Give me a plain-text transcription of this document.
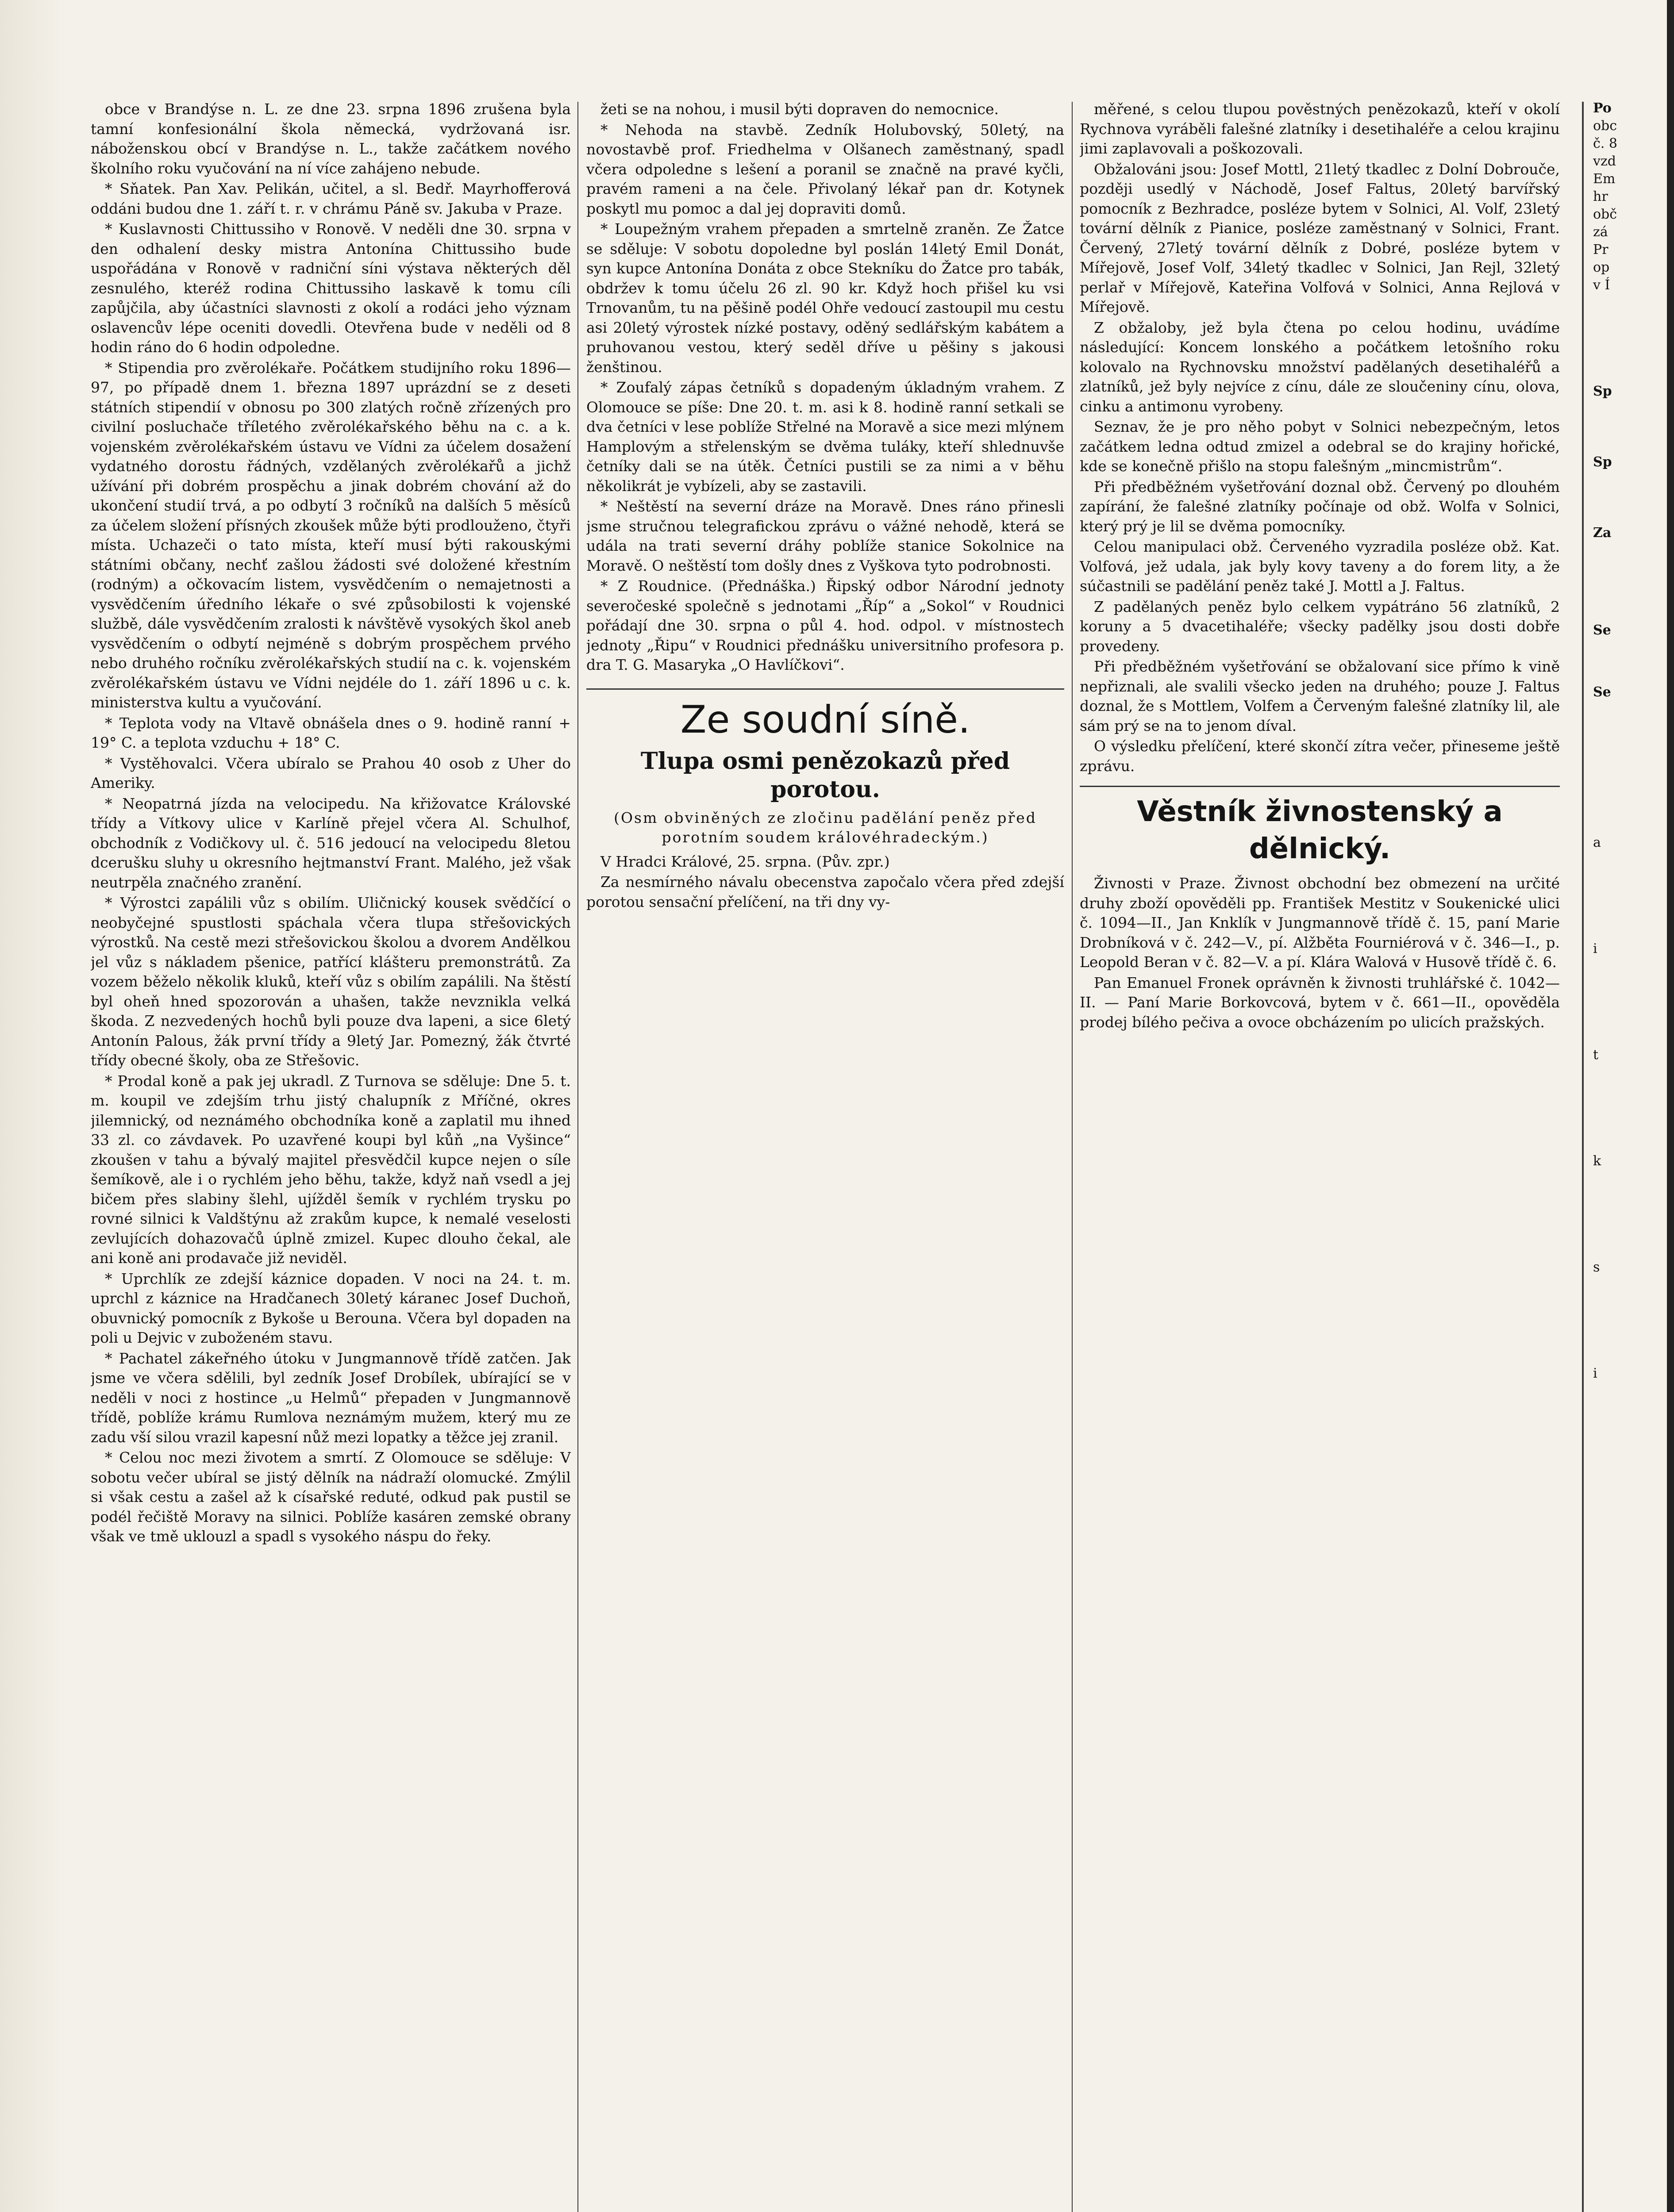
obce v Brandýse n. L. ze dne 23. srpna 1896 zrušena byla tamní konfesionální škola německá, vydržovaná isr. náboženskou obcí v Brandýse n. L., takže začátkem nového školního roku vyučování na ní více zahájeno nebude.

* Sňatek. Pan Xav. Pelikán, učitel, a sl. Bedř. Mayrhofferová oddáni budou dne 1. září t. r. v chrámu Páně sv. Jakuba v Praze.

* Kuslavnosti Chittussiho v Ronově. V neděli dne 30. srpna v den odhalení desky mistra Antonína Chittussiho bude uspořádána v Ronově v radniční síni výstava některých děl zesnulého, kteréž rodina Chittussiho laskavě k tomu cíli zapůjčila, aby účastníci slavnosti z okolí a rodáci jeho význam oslavencův lépe oceniti dovedli. Otevřena bude v neděli od 8 hodin ráno do 6 hodin odpoledne.

* Stipendia pro zvěrolékaře. Počátkem studijního roku 1896—97, po případě dnem 1. března 1897 uprázdní se z deseti státních stipendií v obnosu po 300 zlatých ročně zřízených pro civilní posluchače tříletého zvěrolékařského běhu na c. a k. vojenském zvěrolékařském ústavu ve Vídni za účelem dosažení vydatného dorostu řádných, vzdělaných zvěrolékařů a jichž užívání při dobrém prospěchu a jinak dobrém chování až do ukončení studií trvá, a po odbytí 3 ročníků na dalších 5 měsíců za účelem složení přísných zkoušek může býti prodlouženo, čtyři místa. Uchazeči o tato místa, kteří musí býti rakouskými státními občany, nechť zašlou žádosti své doložené křestním (rodným) a očkovacím listem, vysvědčením o nemajetnosti a vysvědčením úředního lékaře o své způsobilosti k vojenské službě, dále vysvědčením zralosti k návštěvě vysokých škol aneb vysvědčením o odbytí nejméně s dobrým prospěchem prvého nebo druhého ročníku zvěrolékařských studií na c. k. vojenském zvěrolékařském ústavu ve Vídni nejdéle do 1. září 1896 u c. k. ministerstva kultu a vyučování.

* Teplota vody na Vltavě obnášela dnes o 9. hodině ranní + 19° C. a teplota vzduchu + 18° C.

* Vystěhovalci. Včera ubíralo se Prahou 40 osob z Uher do Ameriky.

* Neopatrná jízda na velocipedu. Na křižovatce Královské třídy a Vítkovy ulice v Karlíně přejel včera Al. Schulhof, obchodník z Vodičkovy ul. č. 516 jedoucí na velocipedu 8letou dcerušku sluhy u okresního hejtmanství Frant. Malého, jež však neutrpěla značného zranění.

* Výrostci zapálili vůz s obilím. Uličnický kousek svědčící o neobyčejné spustlosti spáchala včera tlupa střešovických výrostků. Na cestě mezi střešovickou školou a dvorem Andělkou jel vůz s nákladem pšenice, patřící klášteru premonstrátů. Za vozem běželo několik kluků, kteří vůz s obilím zapálili. Na štěstí byl oheň hned spozorován a uhašen, takže nevznikla velká škoda. Z nezvedených hochů byli pouze dva lapeni, a sice 6letý Antonín Palous, žák první třídy a 9letý Jar. Pomezný, žák čtvrté třídy obecné školy, oba ze Střešovic.

* Prodal koně a pak jej ukradl. Z Turnova se sděluje: Dne 5. t. m. koupil ve zdejším trhu jistý chalupník z Mříčné, okres jilemnický, od neznámého obchodníka koně a zaplatil mu ihned 33 zl. co závdavek. Po uzavřené koupi byl kůň „na Vyšince“ zkoušen v tahu a bývalý majitel přesvědčil kupce nejen o síle šemíkově, ale i o rychlém jeho běhu, takže, když naň vsedl a jej bičem přes slabiny šlehl, ujížděl šemík v rychlém trysku po rovné silnici k Valdštýnu až zrakům kupce, k nemalé veselosti zevlujících dohazovačů úplně zmizel. Kupec dlouho čekal, ale ani koně ani prodavače již neviděl.

* Uprchlík ze zdejší káznice dopaden. V noci na 24. t. m. uprchl z káznice na Hradčanech 30letý káranec Josef Duchoň, obuvnický pomocník z Bykoše u Berouna. Včera byl dopaden na poli u Dejvic v zuboženém stavu.

* Pachatel zákeřného útoku v Jungmannově třídě zatčen. Jak jsme ve včera sdělili, byl zedník Josef Drobílek, ubírající se v neděli v noci z hostince „u Helmů“ přepaden v Jungmannově třídě, poblíže krámu Rumlova neznámým mužem, který mu ze zadu vší silou vrazil kapesní nůž mezi lopatky a těžce jej zranil.

* Celou noc mezi životem a smrtí. Z Olomouce se sděluje: V sobotu večer ubíral se jistý dělník na nádraží olomucké. Zmýlil si však cestu a zašel až k císařské reduté, odkud pak pustil se podél řečiště Moravy na silnici. Poblíže kasáren zemské obrany však ve tmě uklouzl a spadl s vysokého náspu do řeky.

žeti se na nohou, i musil býti dopraven do nemocnice.

* Nehoda na stavbě. Zedník Holubovský, 50letý, na novostavbě prof. Friedhelma v Olšanech zaměstnaný, spadl včera odpoledne s lešení a poranil se značně na pravé kyčli, pravém rameni a na čele. Přivolaný lékař pan dr. Kotynek poskytl mu pomoc a dal jej dopraviti domů.

* Loupežným vrahem přepaden a smrtelně zraněn. Ze Žatce se sděluje: V sobotu dopoledne byl poslán 14letý Emil Donát, syn kupce Antonína Donáta z obce Stekníku do Žatce pro tabák, obdržev k tomu účelu 26 zl. 90 kr. Když hoch přišel ku vsi Trnovanům, tu na pěšině podél Ohře vedoucí zastoupil mu cestu asi 20letý výrostek nízké postavy, oděný sedlářským kabátem a pruhovanou vestou, který seděl dříve u pěšiny s jakousi ženštinou.

* Zoufalý zápas četníků s dopadeným úkladným vrahem. Z Olomouce se píše: Dne 20. t. m. asi k 8. hodině ranní setkali se dva četníci v lese poblíže Střelné na Moravě a sice mezi mlýnem Hamplovým a střelenským se dvěma tuláky, kteří shlednuvše četníky dali se na útěk. Četníci pustili se za nimi a v běhu několikrát je vybízeli, aby se zastavili.

* Neštěstí na severní dráze na Moravě. Dnes ráno přinesli jsme stručnou telegrafickou zprávu o vážné nehodě, která se udála na trati severní dráhy poblíže stanice Sokolnice na Moravě. O neštěstí tom došly dnes z Vyškova tyto podrobnosti.

* Z Roudnice. (Přednáška.) Řipský odbor Národní jednoty severočeské společně s jednotami „Říp“ a „Sokol“ v Roudnici pořádají dne 30. srpna o půl 4. hod. odpol. v místnostech jednoty „Řipu“ v Roudnici přednášku universitního profesora p. dra T. G. Masaryka „O Havlíčkovi“.

Ze soudní síně.
Tlupa osmi penězokazů před porotou.
(Osm obviněných ze zločinu padělání peněz před porotním soudem královéhradeckým.)

V Hradci Králové, 25. srpna. (Pův. zpr.)

Za nesmírného návalu obecenstva započalo včera před zdejší porotou sensační přelíčení, na tři dny vy-

měřené, s celou tlupou pověstných penězokazů, kteří v okolí Rychnova vyráběli falešné zlatníky i desetihaléře a celou krajinu jimi zaplavovali a poškozovali.

Obžalováni jsou: Josef Mottl, 21letý tkadlec z Dolní Dobrouče, později usedlý v Náchodě, Josef Faltus, 20letý barvířský pomocník z Bezhradce, posléze bytem v Solnici, Al. Volf, 23letý tovární dělník z Pianice, posléze zaměstnaný v Solnici, Frant. Červený, 27letý tovární dělník z Dobré, posléze bytem v Mířejově, Josef Volf, 34letý tkadlec v Solnici, Jan Rejl, 32letý perlař v Mířejově, Kateřina Volfová v Solnici, Anna Rejlová v Mířejově.

Z obžaloby, jež byla čtena po celou hodinu, uvádíme následující: Koncem lonského a počátkem letošního roku kolovalo na Rychnovsku množství padělaných desetihaléřů a zlatníků, jež byly nejvíce z cínu, dále ze sloučeniny cínu, olova, cinku a antimonu vyrobeny.

Seznav, že je pro něho pobyt v Solnici nebezpečným, letos začátkem ledna odtud zmizel a odebral se do krajiny hořické, kde se konečně přišlo na stopu falešným „mincmistrům“.

Při předběžném vyšetřování doznal obž. Červený po dlouhém zapírání, že falešné zlatníky počínaje od obž. Wolfa v Solnici, který prý je lil se dvěma pomocníky.

Celou manipulaci obž. Červeného vyzradila posléze obž. Kat. Volfová, jež udala, jak byly kovy taveny a do forem lity, a že súčastnili se padělání peněz také J. Mottl a J. Faltus.

Z padělaných peněz bylo celkem vypátráno 56 zlatníků, 2 koruny a 5 dvacetihaléře; všecky padělky jsou dosti dobře provedeny.

Při předběžném vyšetřování se obžalovaní sice přímo k vině nepřiznali, ale svalili všecko jeden na druhého; pouze J. Faltus doznal, že s Mottlem, Volfem a Červeným falešné zlatníky lil, ale sám prý se na to jenom díval.

O výsledku přelíčení, které skončí zítra večer, přineseme ještě zprávu.

Věstník živnostenský a dělnický.

Živnosti v Praze. Živnost obchodní bez obmezení na určité druhy zboží opověděli pp. František Mestitz v Soukenické ulici č. 1094—II., Jan Knklík v Jungmannově třídě č. 15, paní Marie Drobníková v č. 242—V., pí. Alžběta Fourniérová v č. 346—I., p. Leopold Beran v č. 82—V. a pí. Klára Walová v Husově třídě č. 6.

Pan Emanuel Fronek oprávněn k živnosti truhlářské č. 1042—II. — Paní Marie Borkovcová, bytem v č. 661—II., opověděla prodej bílého pečiva a ovoce obcházením po ulicích pražských.

Po
obc
č. 8
vzd
Em
hr
obč
zá
Pr
op
v Í
Sp
Sp
Za
Se
Se
a
i
t
k
s
i
